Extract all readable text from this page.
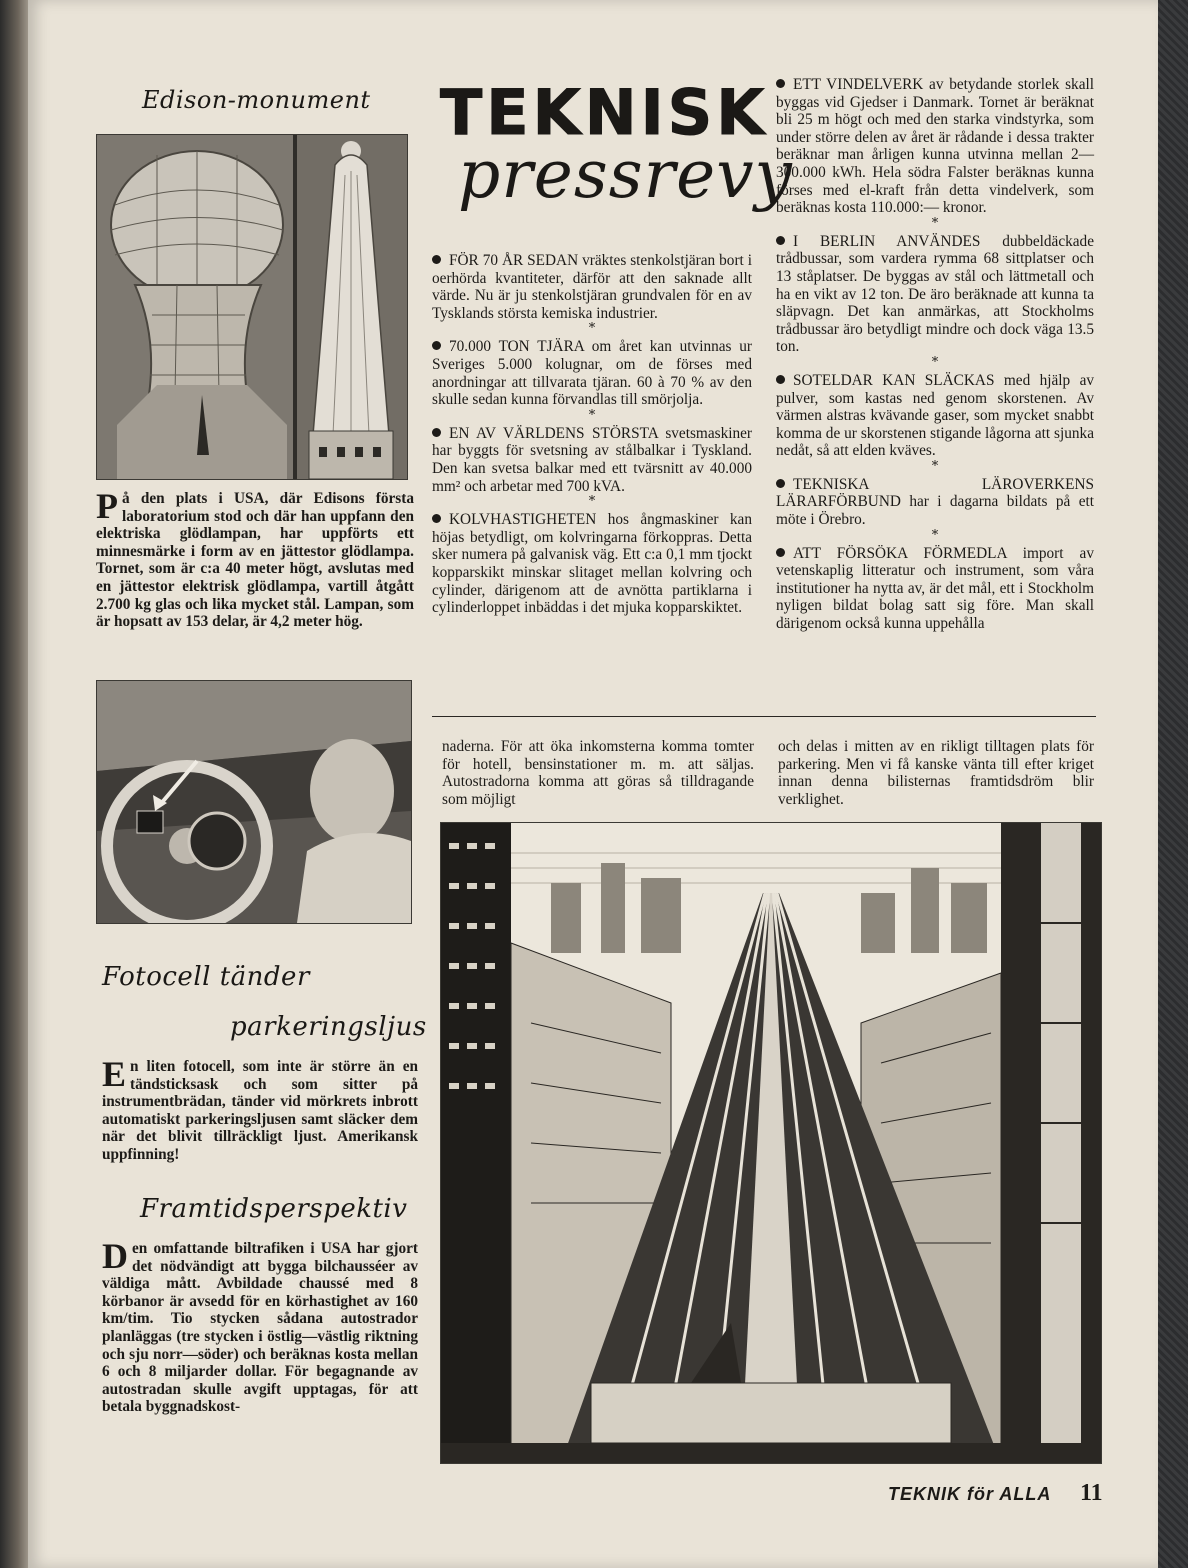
Edison-monument

På den plats i USA, där Edisons första laboratorium stod och där han uppfann den elektriska glödlampan, har uppförts ett minnesmärke i form av en jättestor glödlampa. Tornet, som är c:a 40 meter högt, avslutas med en jättestor elektrisk glödlampa, vartill åtgått 2.700 kg glas och lika mycket stål. Lampan, som är hopsatt av 153 delar, är 4,2 meter hög.

Fotocell tänder
parkeringsljus

En liten fotocell, som inte är större än en tändsticksask och som sitter på instrumentbrädan, tänder vid mörkrets inbrott automatiskt parkeringsljusen samt släcker dem när det blivit tillräckligt ljust. Amerikansk uppfinning!

Framtidsperspektiv

Den omfattande biltrafiken i USA har gjort det nödvändigt att bygga bilchausséer av väldiga mått. Avbildade chaussé med 8 körbanor är avsedd för en körhastighet av 160 km/tim. Tio stycken sådana autostrador planläggas (tre stycken i östlig—västlig riktning och sju norr—söder) och beräknas kosta mellan 6 och 8 miljarder dollar. För begagnande av autostradan skulle avgift upptagas, för att betala byggnadskost-

TEKNISK
pressrevy

FÖR 70 ÅR SEDAN vräktes stenkolstjäran bort i oerhörda kvantiteter, därför att den saknade allt värde. Nu är ju stenkolstjäran grundvalen för en av Tysklands största kemiska industrier.

*

70.000 TON TJÄRA om året kan utvinnas ur Sveriges 5.000 kolugnar, om de förses med anordningar att tillvarata tjäran. 60 à 70 % av den skulle sedan kunna förvandlas till smörjolja.

*

EN AV VÄRLDENS STÖRSTA svetsmaskiner har byggts för svetsning av stålbalkar i Tyskland. Den kan svetsa balkar med ett tvärsnitt av 40.000 mm² och arbetar med 700 kVA.

*

KOLVHASTIGHETEN hos ångmaskiner kan höjas betydligt, om kolvringarna förkoppras. Detta sker numera på galvanisk väg. Ett c:a 0,1 mm tjockt kopparskikt minskar slitaget mellan kolvring och cylinder, därigenom att de avnötta partiklarna i cylinderloppet inbäddas i det mjuka kopparskiktet.

ETT VINDELVERK av betydande storlek skall byggas vid Gjedser i Danmark. Tornet är beräknat bli 25 m högt och med den starka vindstyrka, som under större delen av året är rådande i dessa trakter beräknar man årligen kunna utvinna mellan 2—300.000 kWh. Hela södra Falster beräknas kunna förses med el-kraft från detta vindelverk, som beräknas kosta 110.000:— kronor.

*

I BERLIN ANVÄNDES dubbeldäckade trådbussar, som vardera rymma 68 sittplatser och 13 ståplatser. De byggas av stål och lättmetall och ha en vikt av 12 ton. De äro beräknade att kunna ta släpvagn. Det kan anmärkas, att Stockholms trådbussar äro betydligt mindre och dock väga 13.5 ton.

*

SOTELDAR KAN SLÄCKAS med hjälp av pulver, som kastas ned genom skorstenen. Av värmen alstras kvävande gaser, som mycket snabbt komma de ur skorstenen stigande lågorna att sjunka nedåt, så att elden kväves.

*

TEKNISKA LÄROVERKENS LÄRARFÖRBUND har i dagarna bildats på ett möte i Örebro.

*

ATT FÖRSÖKA FÖRMEDLA import av vetenskaplig litteratur och instrument, som våra institutioner ha nytta av, är det mål, ett i Stockholm nyligen bildat bolag satt sig före. Man skall därigenom också kunna uppehålla

naderna. För att öka inkomsterna komma tomter för hotell, bensinstationer m. m. att säljas. Autostradorna komma att göras så tilldragande som möjligt

och delas i mitten av en rikligt tilltagen plats för parkering. Men vi få kanske vänta till efter kriget innan denna bilisternas framtidsdröm blir verklighet.

TEKNIK för ALLA 11
